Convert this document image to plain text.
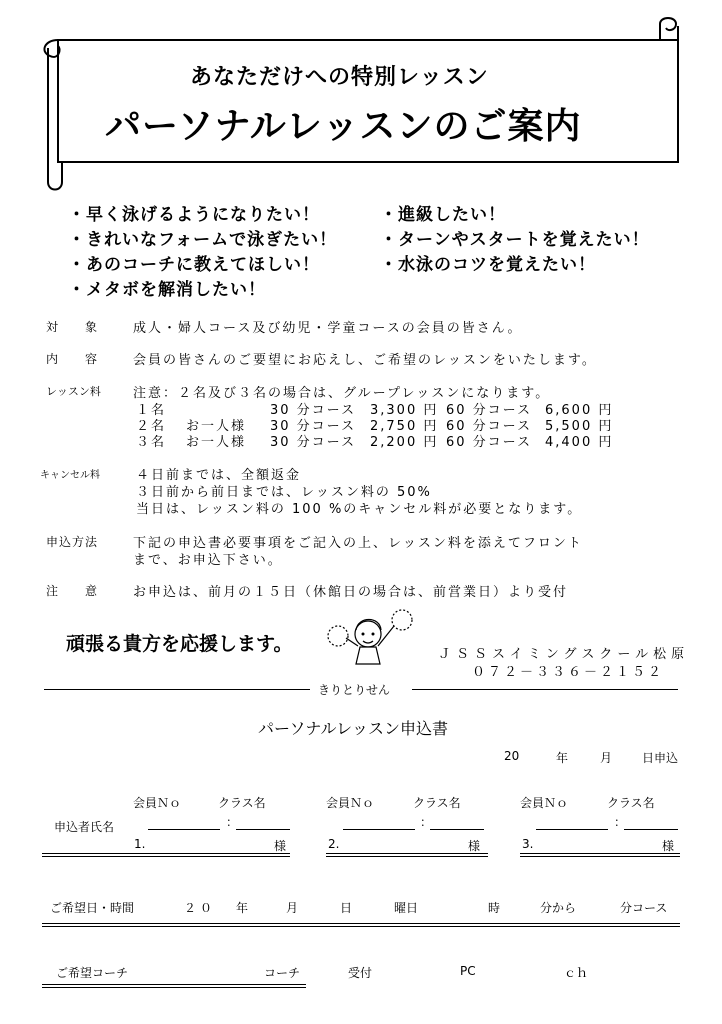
あなただけへの特別レッスン
パーソナルレッスンのご案内
・早く泳げるようになりたい！
・きれいなフォームで泳ぎたい！
・あのコーチに教えてほしい！
・メタボを解消したい！
・進級したい！
・ターンやスタートを覚えたい！
・水泳のコツを覚えたい！
対　　象	成人・婦人コース及び幼児・学童コースの会員の皆さん。
内　　容	会員の皆さんのご要望にお応えし、ご希望のレッスンをいたします。
レッスン料 注意：２名及び３名の場合は、グループレッスンになります。
１名	30 分コース 3,300 円 60 分コース 6,600 円
２名 お一人様 30 分コース 2,750 円 60 分コース 5,500 円
３名 お一人様 30 分コース 2,200 円 60 分コース 4,400 円
キャンセル料	４日前までは、全額返金
３日前から前日までは、レッスン料の 50%
当日は、レッスン料の 100 %のキャンセル料が必要となります。
申込方法	下記の申込書必要事項をご記入の上、レッスン料を添えてフロント
まで、お申込下さい。
注　　意	お申込は、前月の１５日（休館日の場合は、前営業日）より受付
頑張る貴方を応援します。	ＪＳＳスイミングスクール松原
０７２－３３６－２１５２
きりとりせん
パーソナルレッスン申込書
20	年	月 日申込
会員Ｎｏ	クラス名	会員Ｎｏ	クラス名	会員Ｎｏ	クラス名
申込者氏名	：	：	：
1.	様	2.	様	3.	様
ご希望日・時間	２０ 年	月	日	曜日	時	分から	分コース
ご希望コーチ	コーチ	受付	PC	ｃｈ
